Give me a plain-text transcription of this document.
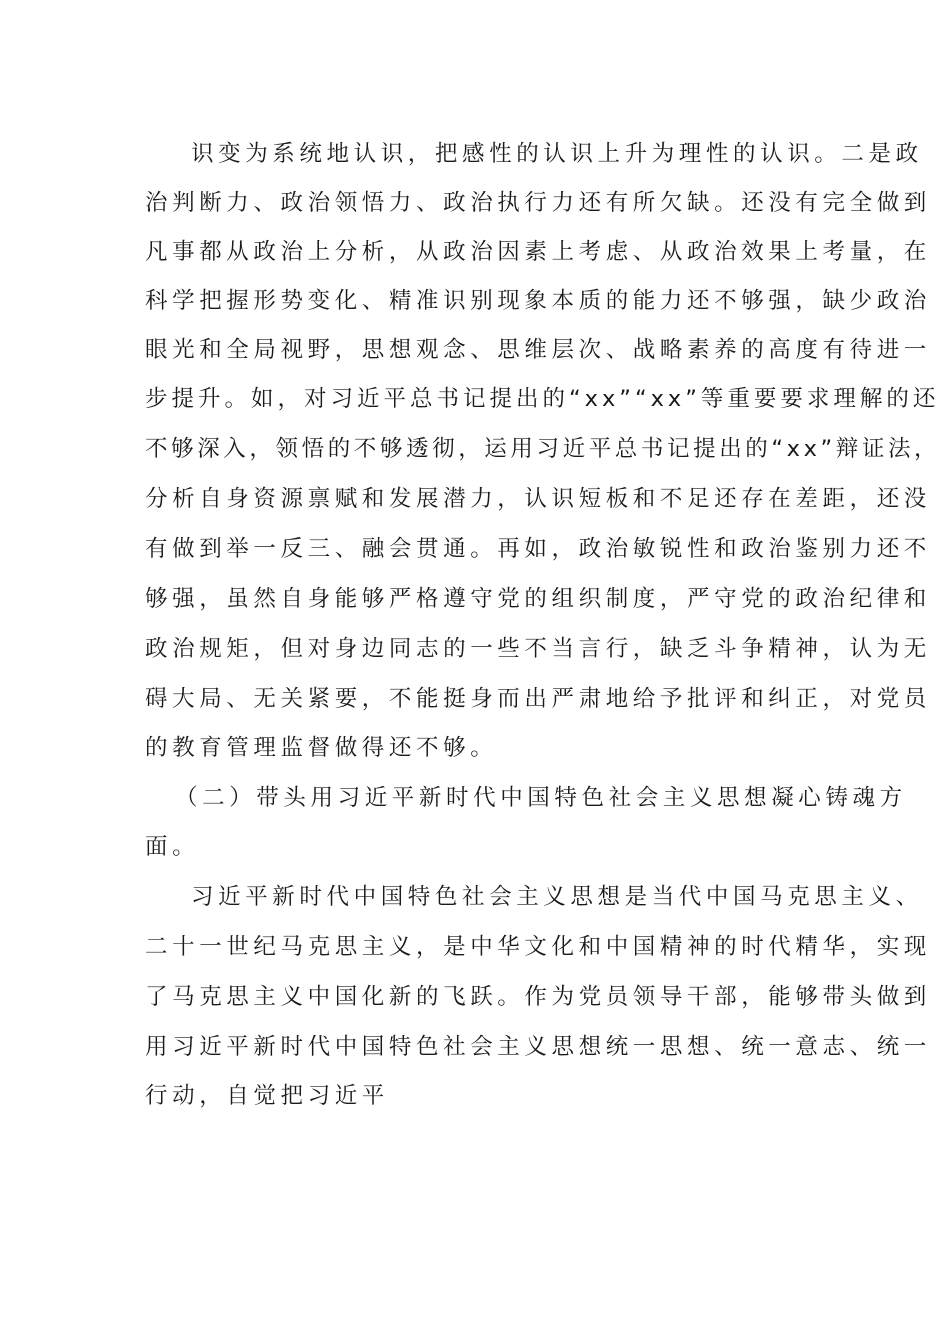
识变为系统地认识，把感性的认识上升为理性的认识。二是政
治判断力、政治领悟力、政治执行力还有所欠缺。还没有完全做到
凡事都从政治上分析，从政治因素上考虑、从政治效果上考量，在
科学把握形势变化、精准识别现象本质的能力还不够强，缺少政治
眼光和全局视野，思想观念、思维层次、战略素养的高度有待进一
步提升。如，对习近平总书记提出的“xx”“xx”等重要要求理解的还
不够深入，领悟的不够透彻，运用习近平总书记提出的“xx”辩证法，
分析自身资源禀赋和发展潜力，认识短板和不足还存在差距，还没
有做到举一反三、融会贯通。再如，政治敏锐性和政治鉴别力还不
够强，虽然自身能够严格遵守党的组织制度，严守党的政治纪律和
政治规矩，但对身边同志的一些不当言行，缺乏斗争精神，认为无
碍大局、无关紧要，不能挺身而出严肃地给予批评和纠正，对党员
的教育管理监督做得还不够。
（二）带头用习近平新时代中国特色社会主义思想凝心铸魂方
面。
习近平新时代中国特色社会主义思想是当代中国马克思主义、
二十一世纪马克思主义，是中华文化和中国精神的时代精华，实现
了马克思主义中国化新的飞跃。作为党员领导干部，能够带头做到
用习近平新时代中国特色社会主义思想统一思想、统一意志、统一
行动，自觉把习近平
